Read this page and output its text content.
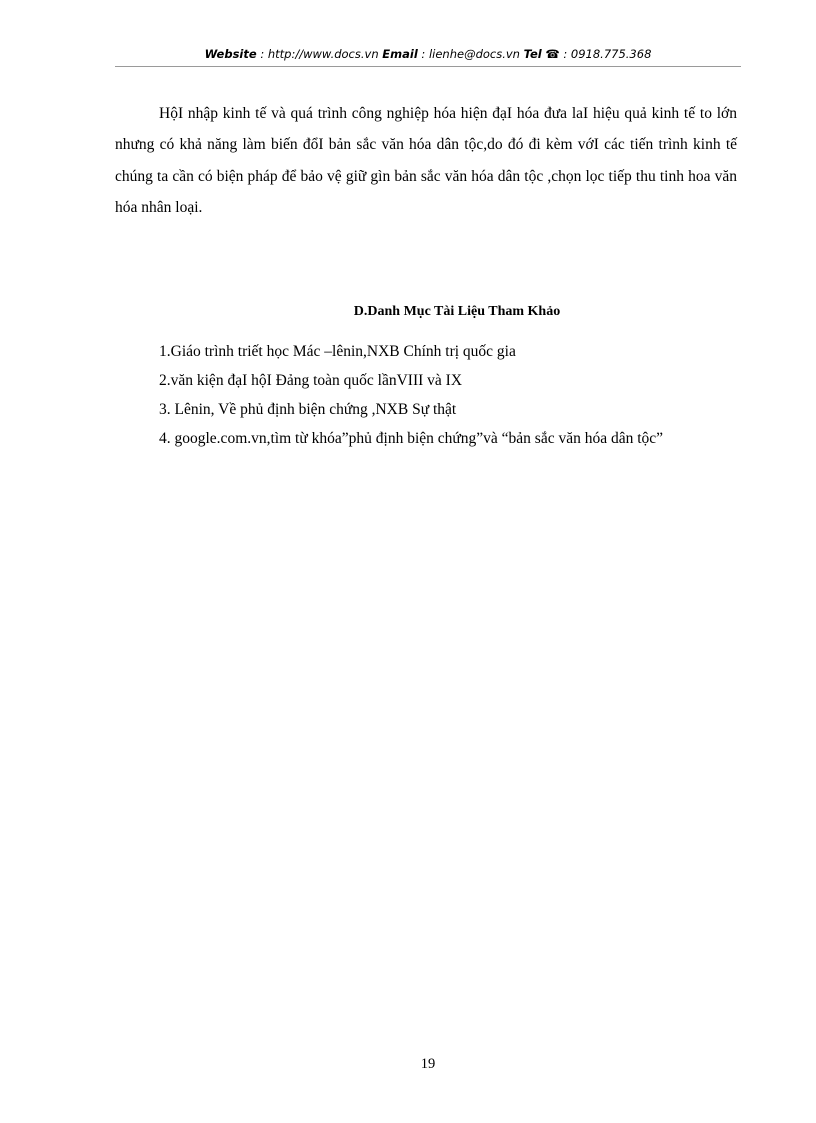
Website : http://www.docs.vn Email : lienhe@docs.vn Tel ☎ : 0918.775.368

HộI nhập kinh tế và quá trình công nghiệp hóa hiện đạI hóa đưa laI hiệu quả kinh tế to lớn nhưng có khả năng làm biến đổI bản sắc văn hóa dân tộc,do đó đi kèm vớI các tiến trình kinh tế chúng ta cần có biện pháp để bảo vệ giữ gìn bản sắc văn hóa dân tộc ,chọn lọc tiếp thu tinh hoa văn hóa nhân loại.

D.Danh Mục Tài Liệu Tham Khảo
1.Giáo trình triết học Mác –lênin,NXB Chính trị quốc gia
2.văn kiện đạI hộI Đảng toàn quốc lầnVIII và IX
3. Lênin, Về phủ định biện chứng ,NXB Sự thật
4. google.com.vn,tìm từ khóa”phủ định biện chứng”và “bản sắc văn hóa dân tộc”
19
